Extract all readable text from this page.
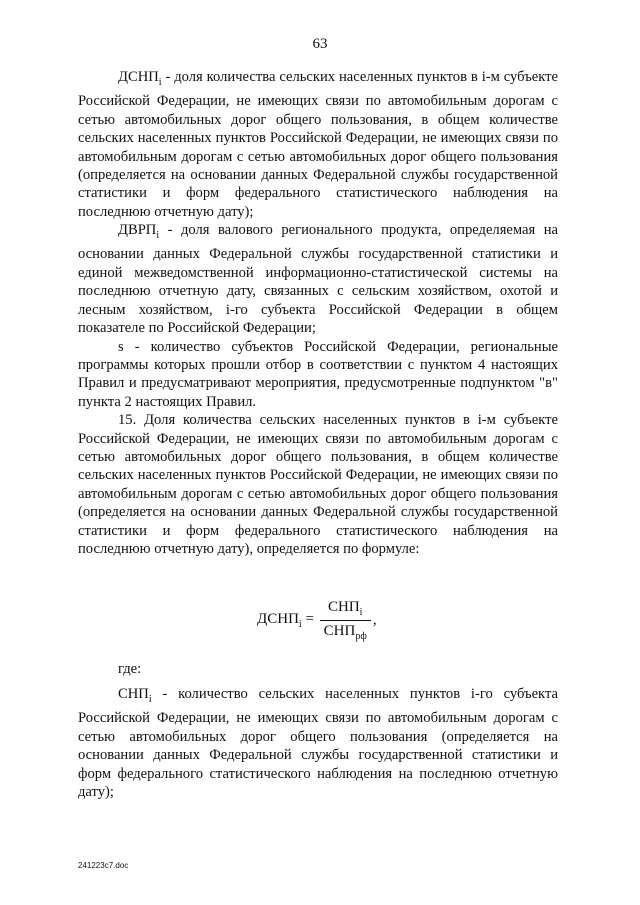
63

$ДСНП_i$ - доля количества сельских населенных пунктов в i-м субъекте Российской Федерации, не имеющих связи по автомобильным дорогам с сетью автомобильных дорог общего пользования, в общем количестве сельских населенных пунктов Российской Федерации, не имеющих связи по автомобильным дорогам с сетью автомобильных дорог общего пользования (определяется на основании данных Федеральной службы государственной статистики и форм федерального статистического наблюдения на последнюю отчетную дату);

$ДВРП_i$ - доля валового регионального продукта, определяемая на основании данных Федеральной службы государственной статистики и единой межведомственной информационно-статистической системы на последнюю отчетную дату, связанных с сельским хозяйством, охотой и лесным хозяйством, i-го субъекта Российской Федерации в общем показателе по Российской Федерации;

s - количество субъектов Российской Федерации, региональные программы которых прошли отбор в соответствии с пунктом 4 настоящих Правил и предусматривают мероприятия, предусмотренные подпунктом "в" пункта 2 настоящих Правил.

15. Доля количества сельских населенных пунктов в i-м субъекте Российской Федерации, не имеющих связи по автомобильным дорогам с сетью автомобильных дорог общего пользования, в общем количестве сельских населенных пунктов Российской Федерации, не имеющих связи по автомобильным дорогам с сетью автомобильных дорог общего пользования (определяется на основании данных Федеральной службы государственной статистики и форм федерального статистического наблюдения на последнюю отчетную дату), определяется по формуле:

$ДСНП_i = \frac{СНП_i}{СНП_{рф}}$ ,
где:

$СНП_i$ - количество сельских населенных пунктов i-го субъекта Российской Федерации, не имеющих связи по автомобильным дорогам с сетью автомобильных дорог общего пользования (определяется на основании данных Федеральной службы государственной статистики и форм федерального статистического наблюдения на последнюю отчетную дату);

241223c7.doc
